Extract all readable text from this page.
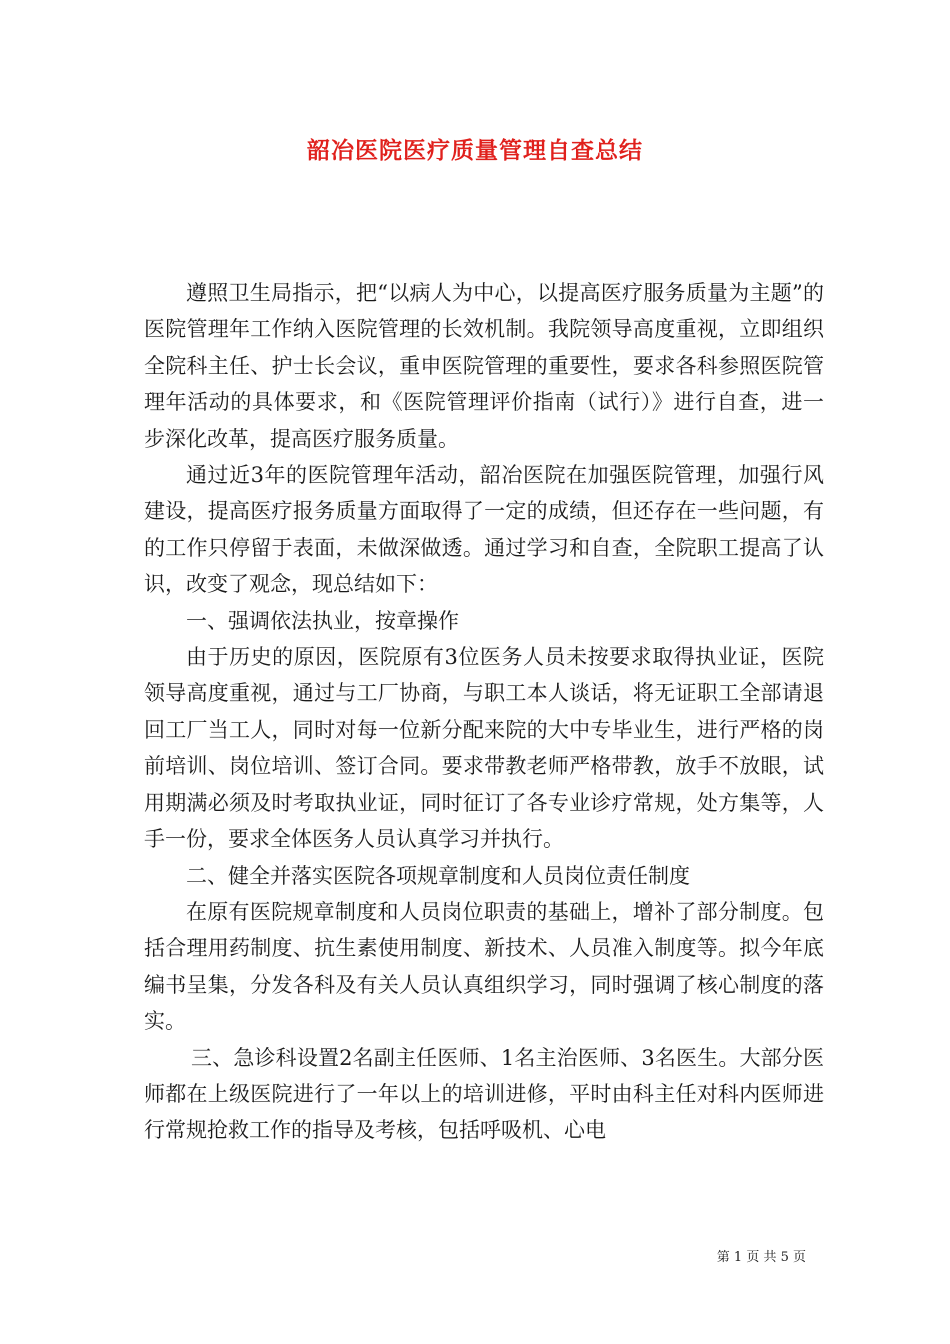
韶冶医院医疗质量管理自查总结

遵照卫生局指示，把“以病人为中心，以提高医疗服务质量为主题”的医院管理年工作纳入医院管理的长效机制。我院领导高度重视，立即组织全院科主任、护士长会议，重申医院管理的重要性，要求各科参照医院管理年活动的具体要求，和《医院管理评价指南（试行）》进行自查，进一步深化改革，提高医疗服务质量。

通过近3年的医院管理年活动，韶冶医院在加强医院管理，加强行风建设，提高医疗报务质量方面取得了一定的成绩，但还存在一些问题，有的工作只停留于表面，未做深做透。通过学习和自查，全院职工提高了认识，改变了观念，现总结如下：

一、强调依法执业，按章操作

由于历史的原因，医院原有3位医务人员未按要求取得执业证，医院领导高度重视，通过与工厂协商，与职工本人谈话，将无证职工全部请退回工厂当工人，同时对每一位新分配来院的大中专毕业生，进行严格的岗前培训、岗位培训、签订合同。要求带教老师严格带教，放手不放眼，试用期满必须及时考取执业证，同时征订了各专业诊疗常规，处方集等，人手一份，要求全体医务人员认真学习并执行。

二、健全并落实医院各项规章制度和人员岗位责任制度

在原有医院规章制度和人员岗位职责的基础上，增补了部分制度。包括合理用药制度、抗生素使用制度、新技术、人员准入制度等。拟今年底编书呈集，分发各科及有关人员认真组织学习，同时强调了核心制度的落实。

三、急诊科设置2名副主任医师、1名主治医师、3名医生。大部分医师都在上级医院进行了一年以上的培训进修，平时由科主任对科内医师进行常规抢救工作的指导及考核，包括呼吸机、心电

第 1 页 共 5 页
